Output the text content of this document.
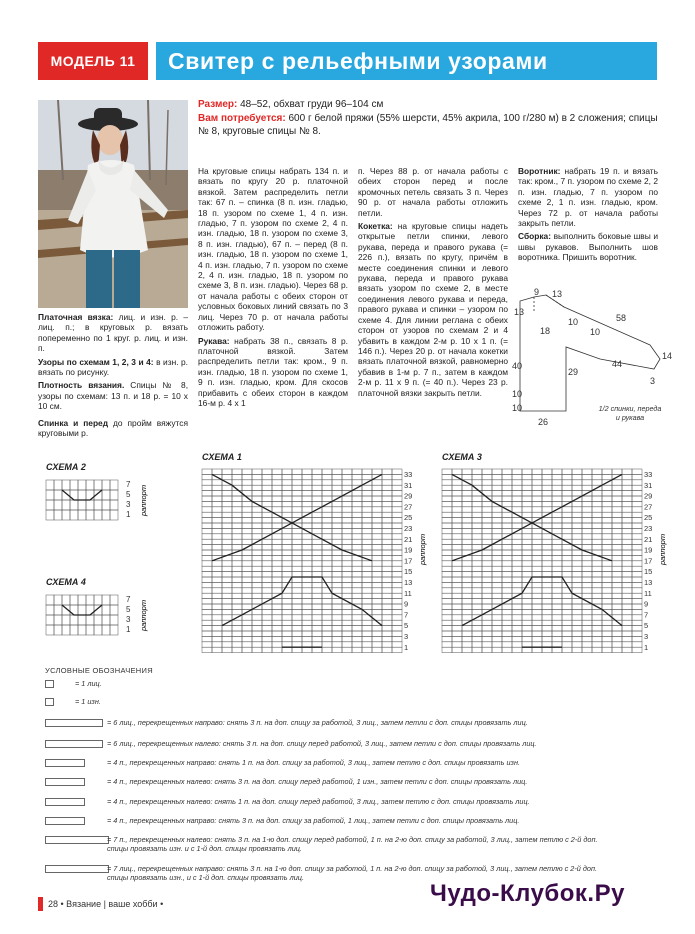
МОДЕЛЬ 11	Свитер с рельефными узорами
Размер: 48–52, обхват груди 96–104 см
Вам потребуется: 600 г белой пряжи (55% шерсти, 45% акрила, 100 г/280 м) в 2 сложения; спицы № 8, круговые спицы № 8.

Платочная вязка: лиц. и изн. р. – лиц. п.; в круговых р. вязать попеременно по 1 круг. р. лиц. и изн. п.

Узоры по схемам 1, 2, 3 и 4: в изн. р. вязать по рисунку.

Плотность вязания. Спицы № 8, узоры по схемам: 13 п. и 18 р. = 10 х 10 см.

Спинка и перед до пройм вяжутся круговыми р.

На круговые спицы набрать 134 п. и вязать по кругу 20 р. платочной вязкой. Затем распределить петли так: 67 п. – спинка (8 п. изн. гладью, 18 п. узором по схеме 1, 4 п. изн. гладью, 7 п. узором по схеме 2, 4 п. изн. гладью, 18 п. узором по схеме 3, 8 п. изн. гладью), 67 п. – перед (8 п. изн. гладью, 18 п. узором по схеме 1, 4 п. изн. гладью, 7 п. узором по схеме 2, 4 п. изн. гладью, 18 п. узором по схеме 3, 8 п. изн. гладью). Через 68 р. от начала работы с обеих сторон от условных боковых линий связать по 3 лиц. Через 70 р. от начала работы отложить работу.

Рукава: набрать 38 п., связать 8 р. платочной вязкой. Затем распределить петли так: кром., 9 п. изн. гладью, 18 п. узором по схеме 1, 9 п. изн. гладью, кром. Для скосов прибавить с обеих сторон в каждом 16-м р. 4 х 1

п. Через 88 р. от начала работы с обеих сторон перед и после кромочных петель связать 3 п. Через 90 р. от начала работы отложить петли.

Кокетка: на круговые спицы надеть открытые петли спинки, левого рукава, переда и правого рукава (= 226 п.), вязать по кругу, причём в месте соединения спинки и левого рукава, переда и правого рукава вязать узором по схеме 2, в месте соединения левого рукава и переда, правого рукава и спинки – узором по схеме 4. Для линии реглана с обеих сторон от узоров по схемам 2 и 4 убавить в каждом 2-м р. 10 х 1 п. (= 146 п.). Через 20 р. от начала кокетки вязать платочной вязкой, равномерно убавив в 1-м р. 7 п., затем в каждом 2-м р. 11 х 9 п. (= 40 п.). Через 23 р. платочной вязки закрыть петли.

Воротник: набрать 19 п. и вязать так: кром., 7 п. узором по схеме 2, 2 п. изн. гладью, 7 п. узором по схеме 2, 1 п. изн. гладью, кром. Через 72 р. от начала работы закрыть петли.

Сборка: выполнить боковые швы и швы рукавов. Выполнить шов воротника. Пришить воротник.

9 13
13
10	58
18	10
29
14
40	44
3
10
10
26
1/2 спинки, переда и рукава
СХЕМА 2
7
5
3
1 раппорт
СХЕМА 4
7
5
3
1 раппорт
СХЕМА 1
33
31
29
27
25
23
21
19
17
15
13
11
9
7
5
3
1
раппорт
СХЕМА 3
33
31
29
27
25
23
21
19
17
15
13
11
9
7
5
3
1
раппорт
УСЛОВНЫЕ ОБОЗНАЧЕНИЯ
= 1 лиц.

= 1 изн.
= 6 лиц., перекрещенных направо: снять 3 п. на доп. спицу за работой, 3 лиц., затем петли с доп. спицы провязать лиц.
= 6 лиц., перекрещенных налево: снять 3 п. на доп. спицу перед работой, 3 лиц., затем петли с доп. спицы провязать лиц.
= 4 п., перекрещенных направо: снять 1 п. на доп. спицу за работой, 3 лиц., затем петлю с доп. спицы провязать изн.
= 4 п., перекрещенных налево: снять 3 п. на доп. спицу перед работой, 1 изн., затем петли с доп. спицы провязать лиц.
= 4 п., перекрещенных налево: снять 1 п. на доп. спицу перед работой, 3 лиц., затем петлю с доп. спицы провязать лиц.
= 4 п., перекрещенных направо: снять 3 п. на доп. спицу за работой, 1 лиц., затем петли с доп. спицы провязать лиц.
= 7 п., перекрещенных налево: снять 3 п. на 1-ю доп. спицу перед работой, 1 п. на 2-ю доп. спицу за работой, 3 лиц., затем петлю с 2-й доп. спицы провязать изн. и с 1-й доп. спицы провязать лиц.
= 7 лиц., перекрещенных направо: снять 3 п. на 1-ю доп. спицу за работой, 1 п. на 2-ю доп. спицу за работой, 3 лиц., затем петлю с 2-й доп. спицы провязать изн., и с 1-й доп. спицы провязать лиц.
28
• Вязание | ваше хобби •	Чудо-Клубок.Ру
